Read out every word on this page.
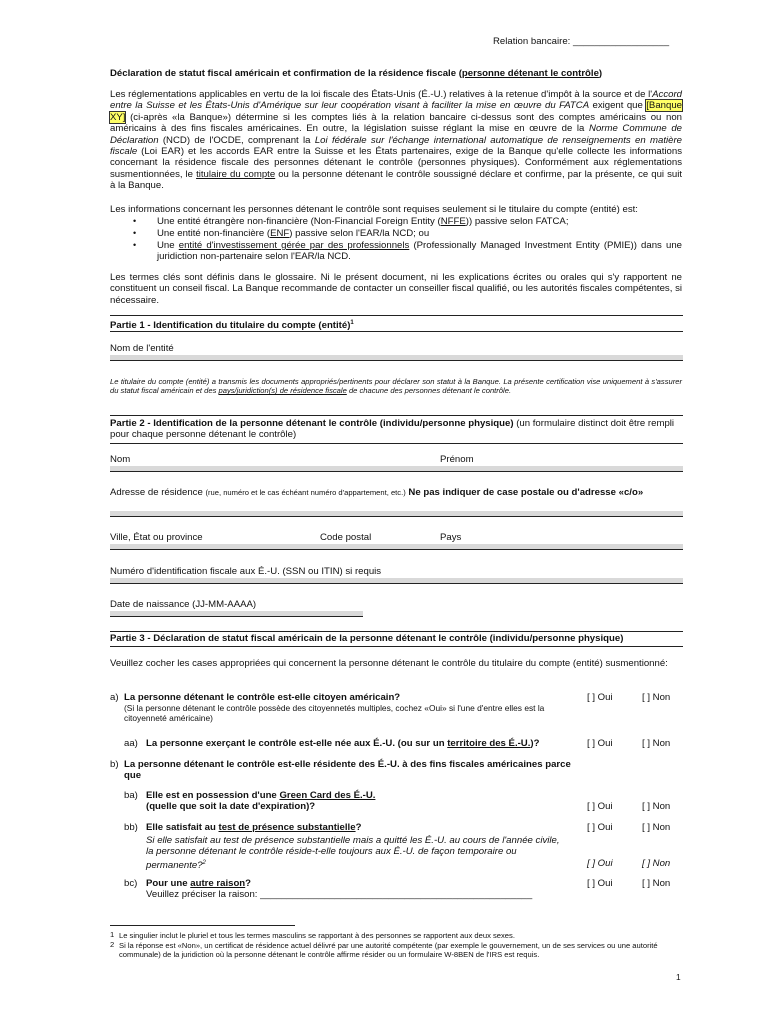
Relation bancaire: __________________
Déclaration de statut fiscal américain et confirmation de la résidence fiscale (personne détenant le contrôle)
Les réglementations applicables en vertu de la loi fiscale des États-Unis (É.-U.) relatives à la retenue d'impôt à la source et de l'Accord entre la Suisse et les États-Unis d'Amérique sur leur coopération visant à faciliter la mise en œuvre du FATCA exigent que [Banque XY] (ci-après «la Banque») détermine si les comptes liés à la relation bancaire ci-dessus sont des comptes américains ou non américains à des fins fiscales américaines. En outre, la législation suisse réglant la mise en œuvre de la Norme Commune de Déclaration (NCD) de l'OCDE, comprenant la Loi fédérale sur l'échange international automatique de renseignements en matière fiscale (Loi EAR) et les accords EAR entre la Suisse et les États partenaires, exige de la Banque qu'elle collecte les informations concernant la résidence fiscale des personnes détenant le contrôle (personnes physiques). Conformément aux réglementations susmentionnées, le titulaire du compte ou la personne détenant le contrôle soussigné déclare et confirme, par la présente, ce qui suit à la Banque.
Les informations concernant les personnes détenant le contrôle sont requises seulement si le titulaire du compte (entité) est:
• Une entité étrangère non-financière (Non-Financial Foreign Entity (NFFE)) passive selon FATCA;
• Une entité non-financière (ENF) passive selon l'EAR/la NCD; ou
• Une entité d'investissement gérée par des professionnels (Professionally Managed Investment Entity (PMIE)) dans une juridiction non-partenaire selon l'EAR/la NCD.
Les termes clés sont définis dans le glossaire. Ni le présent document, ni les explications écrites ou orales qui s'y rapportent ne constituent un conseil fiscal. La Banque recommande de contacter un conseiller fiscal qualifié, ou les autorités fiscales compétentes, si nécessaire.
Partie 1 - Identification du titulaire du compte (entité)$^1$
Nom de l'entité
Le titulaire du compte (entité) a transmis les documents appropriés/pertinents pour déclarer son statut à la Banque. La présente certification vise uniquement à s'assurer du statut fiscal américain et des pays/juridiction(s) de résidence fiscale de chacune des personnes détenant le contrôle.
Partie 2 - Identification de la personne détenant le contrôle (individu/personne physique) (un formulaire distinct doit être rempli pour chaque personne détenant le contrôle)
Nom	Prénom
Adresse de résidence (rue, numéro et le cas échéant numéro d'appartement, etc.) Ne pas indiquer de case postale ou d'adresse «c/o»
Ville, État ou province	Code postal	Pays
Numéro d'identification fiscale aux É.-U. (SSN ou ITIN) si requis
Date de naissance (JJ-MM-AAAA)
Partie 3 - Déclaration de statut fiscal américain de la personne détenant le contrôle (individu/personne physique)
Veuillez cocher les cases appropriées qui concernent la personne détenant le contrôle du titulaire du compte (entité) susmentionné:
a) La personne détenant le contrôle est-elle citoyen américain?
(Si la personne détenant le contrôle possède des citoyennetés multiples, cochez «Oui» si l'une d'entre elles est la citoyenneté américaine)
[ ] Oui	[ ] Non
aa) La personne exerçant le contrôle est-elle née aux É.-U. (ou sur un territoire des É.-U.)?	[ ] Oui	[ ] Non
b) La personne détenant le contrôle est-elle résidente des É.-U. à des fins fiscales américaines parce que
ba) Elle est en possession d'une Green Card des É.-U.
(quelle que soit la date d'expiration)?	[ ] Oui	[ ] Non
bb) Elle satisfait au test de présence substantielle?	[ ] Oui	[ ] Non
Si elle satisfait au test de présence substantielle mais a quitté les É.-U. au cours de l'année civile, la personne détenant le contrôle réside-t-elle toujours aux É.-U. de façon temporaire ou permanente?$^2$	[ ] Oui	[ ] Non
bc) Pour une autre raison?
Veuillez préciser la raison: ___________________________________________________
[ ] Oui	[ ] Non
1 Le singulier inclut le pluriel et tous les termes masculins se rapportant à des personnes se rapportent aux deux sexes.
2 Si la réponse est «Non», un certificat de résidence actuel délivré par une autorité compétente (par exemple le gouvernement, un de ses services ou une autorité communale) de la juridiction où la personne détenant le contrôle affirme résider ou un formulaire W-8BEN de l'IRS est requis.
1
